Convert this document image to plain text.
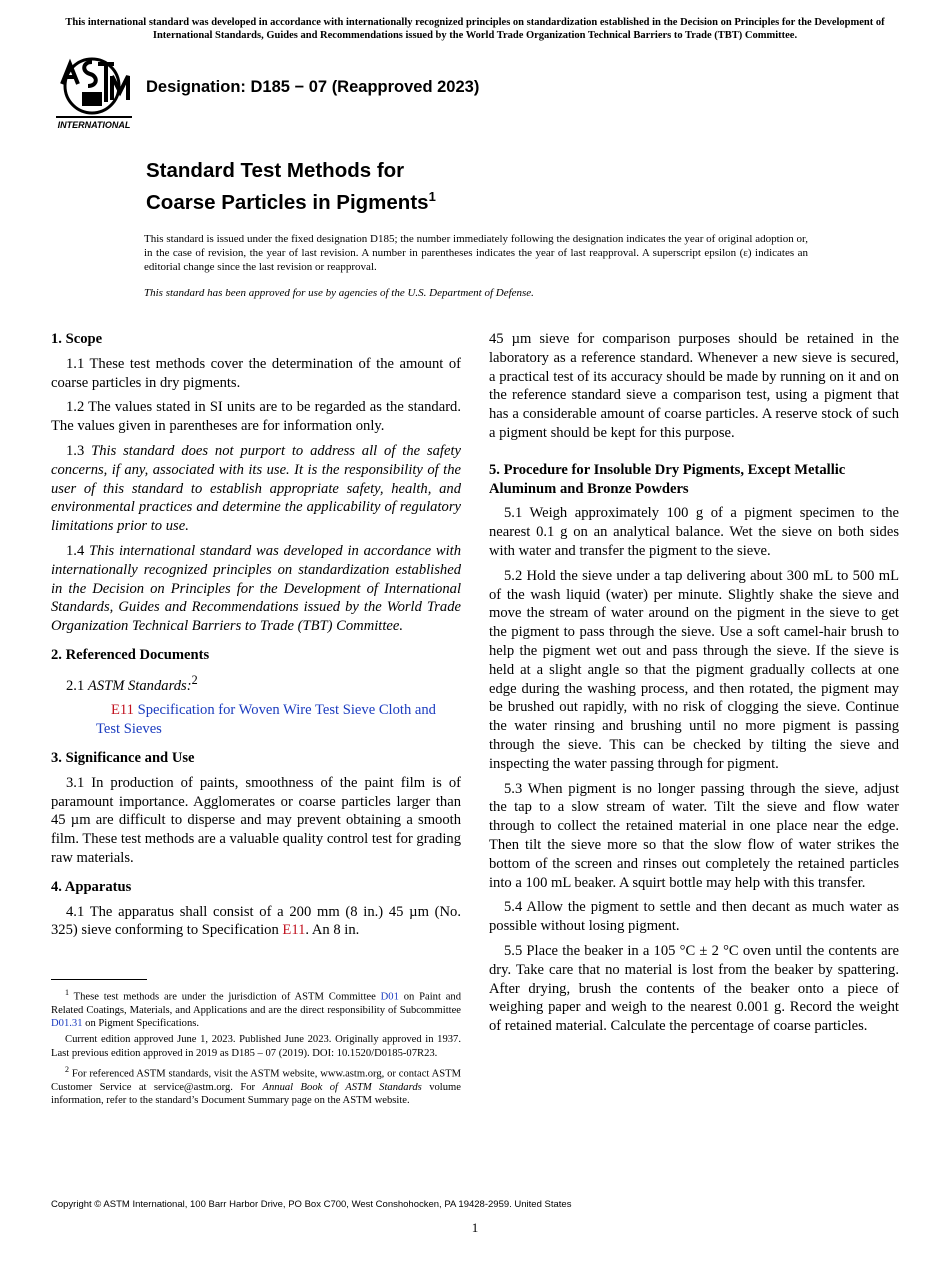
This international standard was developed in accordance with internationally recognized principles on standardization established in the Decision on Principles for the Development of International Standards, Guides and Recommendations issued by the World Trade Organization Technical Barriers to Trade (TBT) Committee.
INTERNATIONAL
Designation: D185 − 07 (Reapproved 2023)
Standard Test Methods for
Coarse Particles in Pigments$^1$
This standard is issued under the fixed designation D185; the number immediately following the designation indicates the year of original adoption or, in the case of revision, the year of last revision. A number in parentheses indicates the year of last reapproval. A superscript epsilon (ε) indicates an editorial change since the last revision or reapproval.
This standard has been approved for use by agencies of the U.S. Department of Defense.
1. Scope

1.1 These test methods cover the determination of the amount of coarse particles in dry pigments.

1.2 The values stated in SI units are to be regarded as the standard. The values given in parentheses are for information only.

1.3 This standard does not purport to address all of the safety concerns, if any, associated with its use. It is the responsibility of the user of this standard to establish appropriate safety, health, and environmental practices and determine the applicability of regulatory limitations prior to use.

1.4 This international standard was developed in accordance with internationally recognized principles on standardization established in the Decision on Principles for the Development of International Standards, Guides and Recommendations issued by the World Trade Organization Technical Barriers to Trade (TBT) Committee.

2. Referenced Documents

2.1 ASTM Standards:$^2$

E11 Specification for Woven Wire Test Sieve Cloth and Test Sieves

3. Significance and Use

3.1 In production of paints, smoothness of the paint film is of paramount importance. Agglomerates or coarse particles larger than 45 µm are difficult to disperse and may prevent obtaining a smooth film. These test methods are a valuable quality control test for grading raw materials.

4. Apparatus

4.1 The apparatus shall consist of a 200 mm (8 in.) 45 µm (No. 325) sieve conforming to Specification E11. An 8 in.

$^1$ These test methods are under the jurisdiction of ASTM Committee D01 on Paint and Related Coatings, Materials, and Applications and are the direct responsibility of Subcommittee D01.31 on Pigment Specifications.

Current edition approved June 1, 2023. Published June 2023. Originally approved in 1937. Last previous edition approved in 2019 as D185 – 07 (2019). DOI: 10.1520/D0185-07R23.

$^2$ For referenced ASTM standards, visit the ASTM website, www.astm.org, or contact ASTM Customer Service at service@astm.org. For Annual Book of ASTM Standards volume information, refer to the standard’s Document Summary page on the ASTM website.

45 µm sieve for comparison purposes should be retained in the laboratory as a reference standard. Whenever a new sieve is secured, a practical test of its accuracy should be made by running on it and on the reference standard sieve a comparison test, using a pigment that has a considerable amount of coarse particles. A reserve stock of such a pigment should be kept for this purpose.

5. Procedure for Insoluble Dry Pigments, Except Metallic Aluminum and Bronze Powders

5.1 Weigh approximately 100 g of a pigment specimen to the nearest 0.1 g on an analytical balance. Wet the sieve on both sides with water and transfer the pigment to the sieve.

5.2 Hold the sieve under a tap delivering about 300 mL to 500 mL of the wash liquid (water) per minute. Slightly shake the sieve and move the stream of water around on the pigment in the sieve to get the pigment to pass through the sieve. Use a soft camel-hair brush to help the pigment wet out and pass through the sieve. If the sieve is held at a slight angle so that the pigment gradually collects at one edge during the washing process, and then rotated, the pigment may be brushed out rapidly, with no risk of clogging the sieve. Continue the water rinsing and brushing until no more pigment is passing through the sieve. This can be checked by tilting the sieve and inspecting the water passing through for pigment.

5.3 When pigment is no longer passing through the sieve, adjust the tap to a slow stream of water. Tilt the sieve and flow water through to collect the retained material in one place near the edge. Then tilt the sieve more so that the slow flow of water strikes the bottom of the screen and rinses out completely the retained particles into a 100 mL beaker. A squirt bottle may help with this transfer.

5.4 Allow the pigment to settle and then decant as much water as possible without losing pigment.

5.5 Place the beaker in a 105 °C ± 2 °C oven until the contents are dry. Take care that no material is lost from the beaker by spattering. After drying, brush the contents of the beaker onto a piece of weighing paper and weigh to the nearest 0.001 g. Record the weight of retained material. Calculate the percentage of coarse particles.

Copyright © ASTM International, 100 Barr Harbor Drive, PO Box C700, West Conshohocken, PA 19428-2959. United States
1
